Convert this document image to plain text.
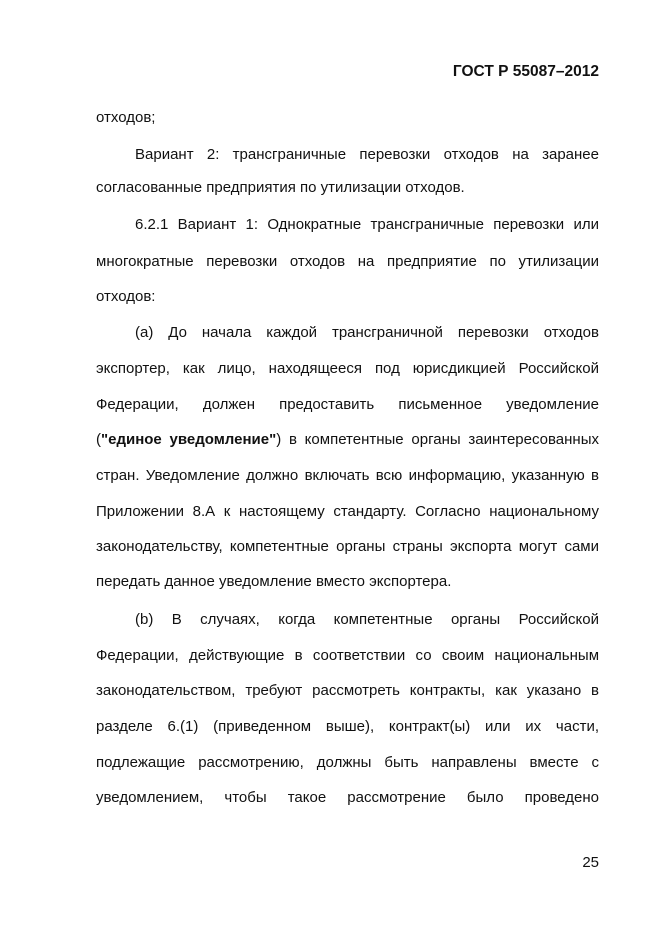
ГОСТ Р 55087–2012
отходов;
Вариант 2: трансграничные перевозки отходов на заранее
согласованные предприятия по утилизации отходов.
6.2.1 Вариант 1: Однократные трансграничные перевозки или
многократные перевозки отходов на предприятие по утилизации
отходов:
(а) До начала каждой трансграничной перевозки отходов
экспортер, как лицо, находящееся под юрисдикцией Российской
Федерации, должен предоставить письменное уведомление
("единое уведомление") в компетентные органы заинтересованных
стран. Уведомление должно включать всю информацию, указанную в
Приложении 8.А к настоящему стандарту. Согласно национальному
законодательству, компетентные органы страны экспорта могут сами
передать данное уведомление вместо экспортера.
(b) В случаях, когда компетентные органы Российской
Федерации, действующие в соответствии со своим национальным
законодательством, требуют рассмотреть контракты, как указано в
разделе 6.(1) (приведенном выше), контракт(ы) или их части,
подлежащие рассмотрению, должны быть направлены вместе с
уведомлением, чтобы такое рассмотрение было проведено
25
